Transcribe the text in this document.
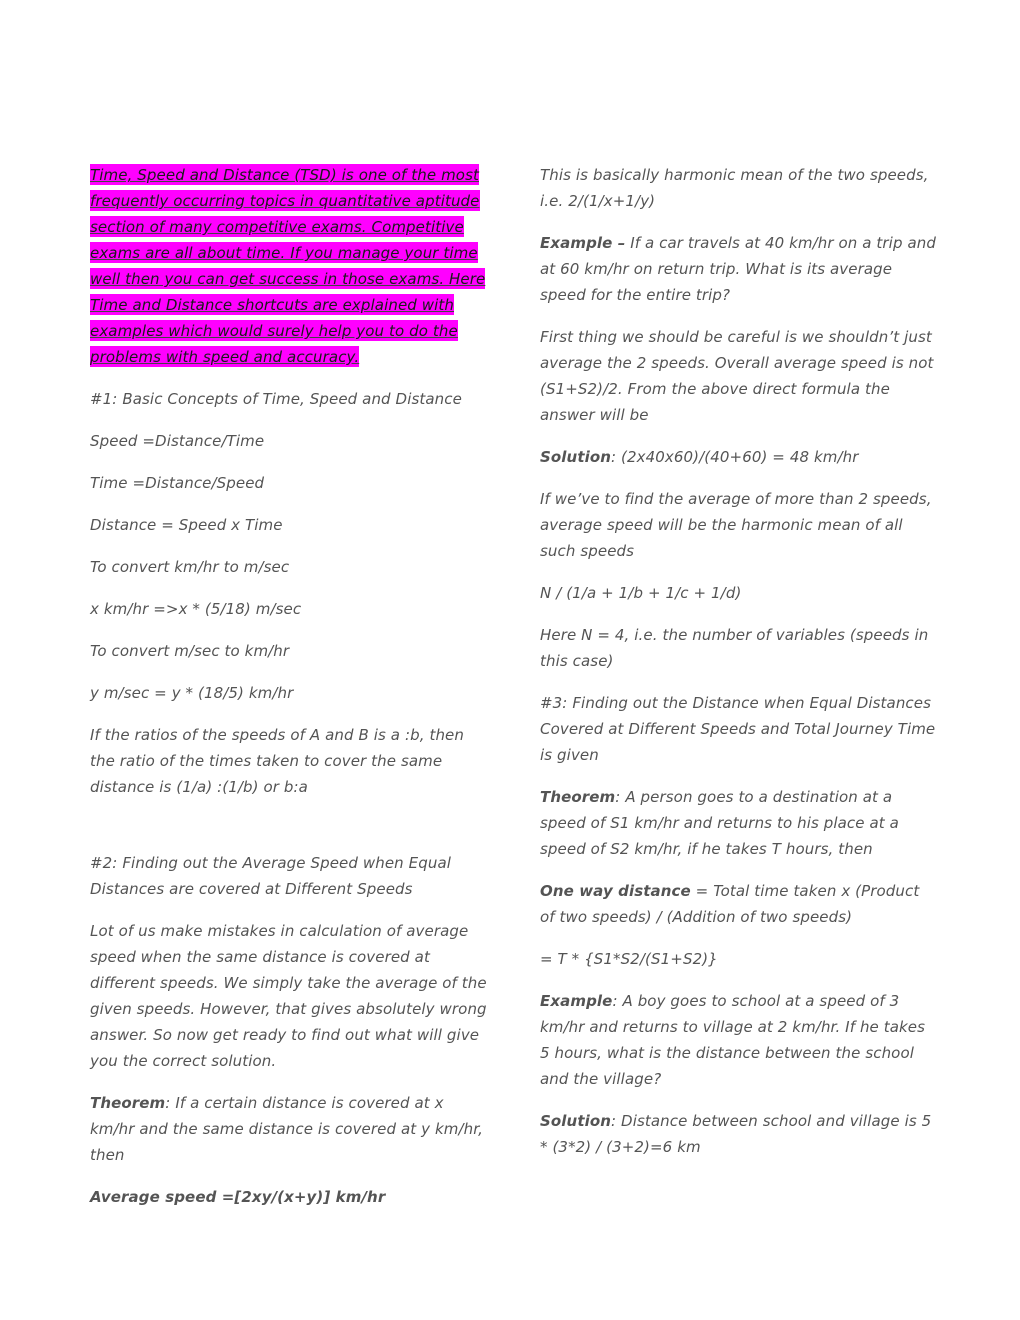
Time, Speed and Distance (TSD) is one of the most frequently occurring topics in quantitative aptitude section of many competitive exams. Competitive exams are all about time. If you manage your time well then you can get success in those exams. Here Time and Distance shortcuts are explained with examples which would surely help you to do the problems with speed and accuracy.

#1: Basic Concepts of Time, Speed and Distance

Speed =Distance/Time

Time =Distance/Speed

Distance = Speed x Time

To convert km/hr to m/sec

x km/hr =>x * (5/18) m/sec

To convert m/sec to km/hr

y m/sec = y * (18/5) km/hr

If the ratios of the speeds of A and B is a :b, then the ratio of the times taken to cover the same distance is (1/a) :(1/b) or b:a

#2: Finding out the Average Speed when Equal Distances are covered at Different Speeds

Lot of us make mistakes in calculation of average speed when the same distance is covered at different speeds. We simply take the average of the given speeds. However, that gives absolutely wrong answer. So now get ready to find out what will give you the correct solution.

Theorem: If a certain distance is covered at x km/hr and the same distance is covered at y km/hr, then

Average speed =[2xy/(x+y)] km/hr

This is basically harmonic mean of the two speeds, i.e. 2/(1/x+1/y)

Example – If a car travels at 40 km/hr on a trip and at 60 km/hr on return trip. What is its average speed for the entire trip?

First thing we should be careful is we shouldn’t just average the 2 speeds. Overall average speed is not (S1+S2)/2. From the above direct formula the answer will be

Solution: (2x40x60)/(40+60) = 48 km/hr

If we’ve to find the average of more than 2 speeds, average speed will be the harmonic mean of all such speeds

N / (1/a + 1/b + 1/c + 1/d)

Here N = 4, i.e. the number of variables (speeds in this case)

#3: Finding out the Distance when Equal Distances Covered at Different Speeds and Total Journey Time is given

Theorem: A person goes to a destination at a speed of S1 km/hr and returns to his place at a speed of S2 km/hr, if he takes T hours, then

One way distance = Total time taken x (Product of two speeds) / (Addition of two speeds)

= T * {S1*S2/(S1+S2)}

Example: A boy goes to school at a speed of 3 km/hr and returns to village at 2 km/hr. If he takes 5 hours, what is the distance between the school and the village?

Solution: Distance between school and village is 5 * (3*2) / (3+2)=6 km
